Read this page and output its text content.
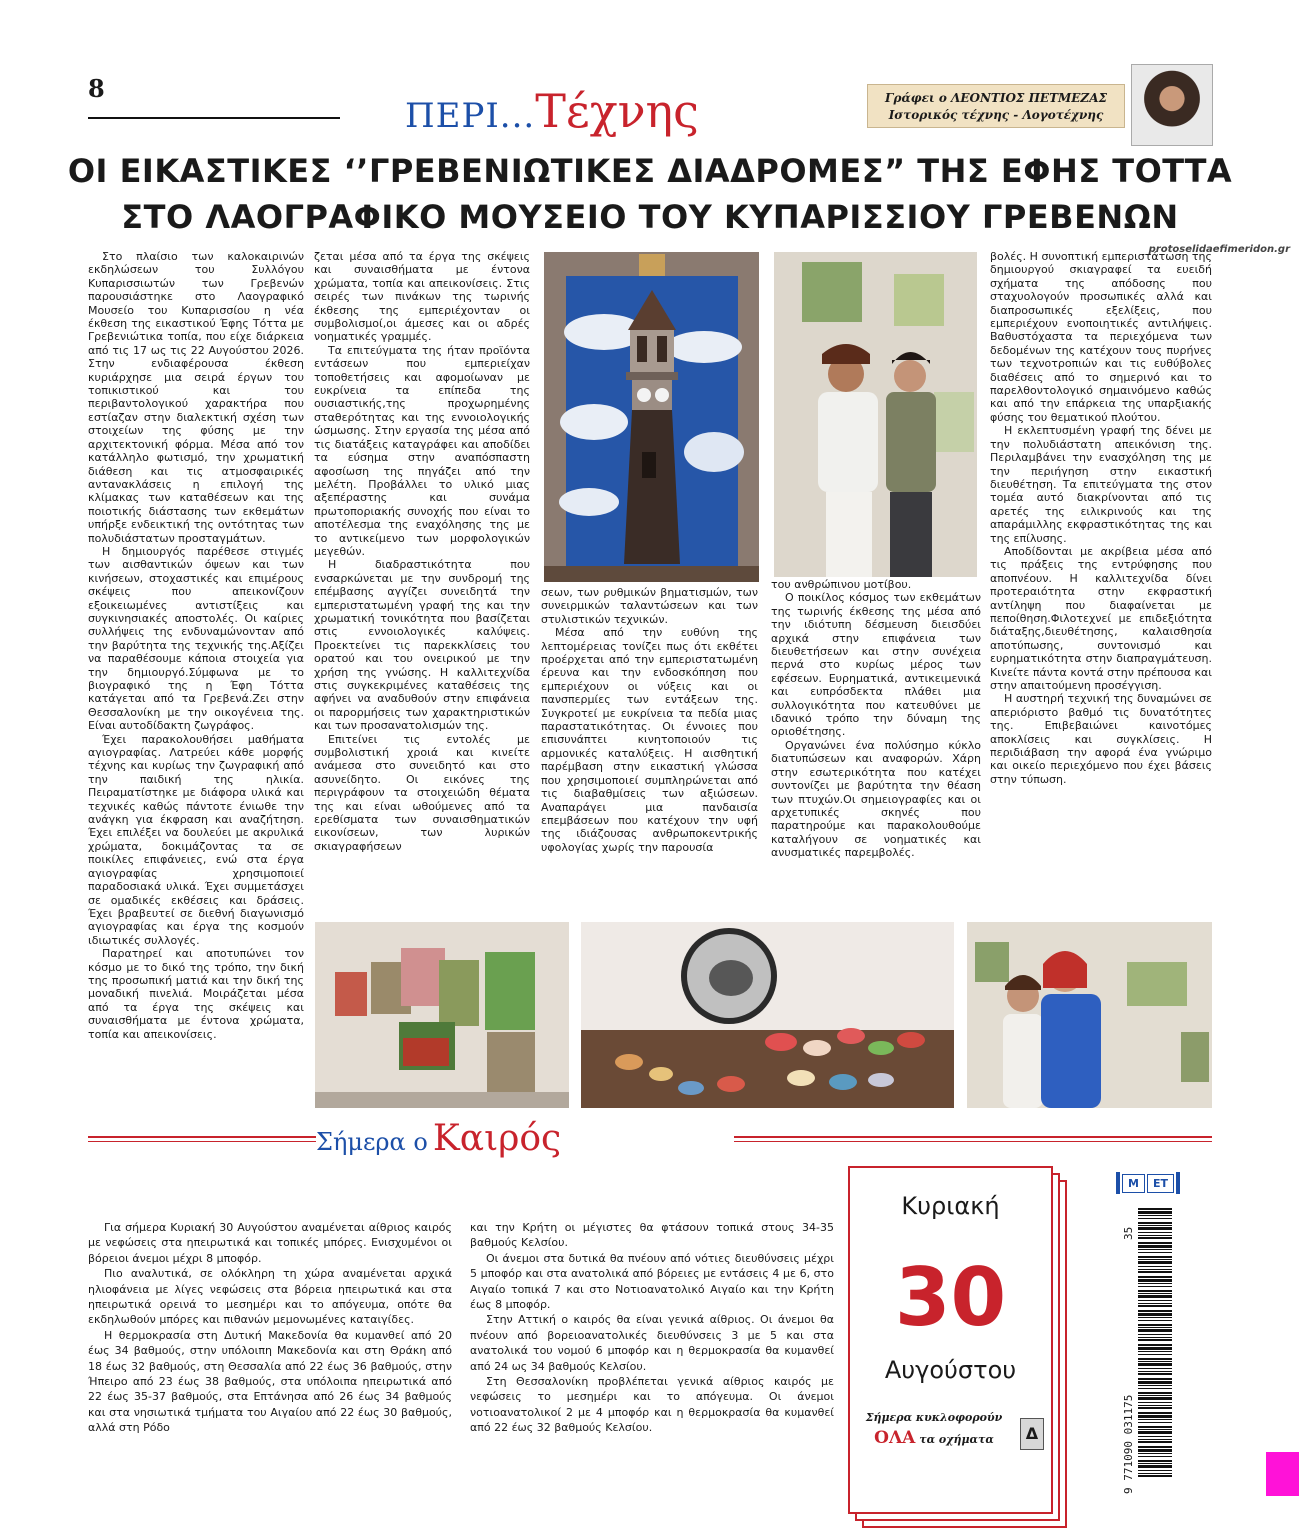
8
ΠΕΡΙ...Τέχνης	Γράφει ο ΛΕΟΝΤΙΟΣ ΠΕΤΜΕΖΑΣ
Ιστορικός τέχνης - Λογοτέχνης
ΟΙ ΕΙΚΑΣΤΙΚΕΣ ‘’ΓΡΕΒΕΝΙΩΤΙΚΕΣ ΔΙΑΔΡΟΜΕΣ” ΤΗΣ ΕΦΗΣ ΤΟΤΤΑ
ΣΤΟ ΛΑΟΓΡΑΦΙΚΟ ΜΟΥΣΕΙΟ ΤΟΥ ΚΥΠΑΡΙΣΣΙΟΥ ΓΡΕΒΕΝΩΝ
protoselidaefimeridon.gr

Στο πλαίσιο των καλοκαιρινών εκδηλώσεων του Συλλόγου Κυπαρισσιωτών των Γρεβενών παρουσιάστηκε στο Λαογραφικό Μουσείο του Κυπαρισσίου η νέα έκθεση της εικαστικού Έφης Τόττα με Γρεβενιώτικα τοπία, που είχε διάρκεια από τις 17 ως τις 22 Αυγούστου 2026. Στην ενδιαφέρουσα έκθεση κυριάρχησε μια σειρά έργων του τοπικιστικού και του περιβαντολογικού χαρακτήρα που εστίαζαν στην διαλεκτική σχέση των στοιχείων της φύσης με την αρχιτεκτονική φόρμα. Μέσα από τον κατάλληλο φωτισμό, την χρωματική διάθεση και τις ατμοσφαιρικές αντανακλάσεις η επιλογή της κλίμακας των καταθέσεων και της ποιοτικής διάστασης των εκθεμάτων υπήρξε ενδεικτική της οντότητας των πολυδιάστατων προσταγμάτων.

Η δημιουργός παρέθεσε στιγμές των αισθαντικών όψεων και των κινήσεων, στοχαστικές και επιμέρους σκέψεις που απεικονίζουν εξοικειωμένες αντιστίξεις και συγκινησιακές αποστολές. Οι καίριες συλλήψεις της ενδυναμώνονταν από την βαρύτητα της τεχνικής της.Αξίζει να παραθέσουμε κάποια στοιχεία για την δημιουργό.Σύμφωνα με το βιογραφικό της η Έφη Τόττα κατάγεται από τα Γρεβενά.Ζει στην Θεσσαλονίκη με την οικογένεια της. Είναι αυτοδίδακτη ζωγράφος.

Έχει παρακολουθήσει μαθήματα αγιογραφίας. Λατρεύει κάθε μορφής τέχνης και κυρίως την ζωγραφική από την παιδική της ηλικία. Πειραματίστηκε με διάφορα υλικά και τεχνικές καθώς πάντοτε ένιωθε την ανάγκη για έκφραση και αναζήτηση. Έχει επιλέξει να δουλεύει με ακρυλικά χρώματα, δοκιμάζοντας τα σε ποικίλες επιφάνειες, ενώ στα έργα αγιογραφίας χρησιμοποιεί παραδοσιακά υλικά. Έχει συμμετάσχει σε ομαδικές εκθέσεις και δράσεις. Έχει βραβευτεί σε διεθνή διαγωνισμό αγιογραφίας και έργα της κοσμούν ιδιωτικές συλλογές.

Παρατηρεί και αποτυπώνει τον κόσμο με το δικό της τρόπο, την δική της προσωπική ματιά και την δική της μοναδική πινελιά. Μοιράζεται μέσα από τα έργα της σκέψεις και συναισθήματα με έντονα χρώματα, τοπία και απεικονίσεις.

ζεται μέσα από τα έργα της σκέψεις και συναισθήματα με έντονα χρώματα, τοπία και απεικονίσεις. Στις σειρές των πινάκων της τωρινής έκθεσης της εμπεριέχονταν οι συμβολισμοί,οι άμεσες και οι αδρές νοηματικές γραμμές.

Τα επιτεύγματα της ήταν προϊόντα εντάσεων που εμπεριείχαν τοποθετήσεις και αφομοίωναν με ευκρίνεια τα επίπεδα της ουσιαστικής,της προχωρημένης σταθερότητας και της εννοιολογικής ώσμωσης. Στην εργασία της μέσα από τις διατάξεις καταγράφει και αποδίδει τα εύσημα στην αναπόσπαστη αφοσίωση της πηγάζει από την μελέτη. Προβάλλει το υλικό μιας αξεπέραστης και συνάμα πρωτοποριακής συνοχής που είναι το αποτέλεσμα της εναχόλησης της με το αντικείμενο των μορφολογικών μεγεθών.

Η διαδραστικότητα που ενσαρκώνεται με την συνδρομή της επέμβασης αγγίζει συνειδητά την εμπεριστατωμένη γραφή της και την χρωματική τονικότητα που βασίζεται στις εννοιολογικές καλύψεις. Προεκτείνει τις παρεκκλίσεις του ορατού και του ονειρικού με την χρήση της γνώσης. Η καλλιτεχνίδα στις συγκεκριμένες καταθέσεις της αφήνει να αναδυθούν στην επιφάνεια οι παρορμήσεις των χαρακτηριστικών και των προσανατολισμών της.

Επιτείνει τις εντολές με συμβολιστική χροιά και κινείτε ανάμεσα στο συνειδητό και στο ασυνείδητο. Οι εικόνες της περιγράφουν τα στοιχειώδη θέματα της και είναι ωθούμενες από τα ερεθίσματα των συναισθηματικών εικονίσεων, των λυρικών σκιαγραφήσεων

σεων, των ρυθμικών βηματισμών, των συνειρμικών ταλαντώσεων και των στυλιστικών τεχνικών.

Μέσα από την ευθύνη της λεπτομέρειας τονίζει πως ότι εκθέτει προέρχεται από την εμπεριστατωμένη έρευνα και την ενδοσκόπηση που εμπεριέχουν οι νύξεις και οι πανσπερμίες των εντάξεων της. Συγκροτεί με ευκρίνεια τα πεδία μιας παραστατικότητας. Οι έννοιες που επισυνάπτει κινητοποιούν τις αρμονικές καταλύξεις. Η αισθητική παρέμβαση στην εικαστική γλώσσα που χρησιμοποιεί συμπληρώνεται από τις διαβαθμίσεις των αξιώσεων. Αναπαράγει μια πανδαισία επεμβάσεων που κατέχουν την υφή της ιδιάζουσας ανθρωποκεντρικής υφολογίας χωρίς την παρουσία

του ανθρώπινου μοτίβου.

Ο ποικίλος κόσμος των εκθεμάτων της τωρινής έκθεσης της μέσα από την ιδιότυπη δέσμευση διεισδύει αρχικά στην επιφάνεια των διευθετήσεων και στην συνέχεια περνά στο κυρίως μέρος των εφέσεων. Ευρηματικά, αντικειμενικά και ευπρόσδεκτα πλάθει μια συλλογικότητα που κατευθύνει με ιδανικό τρόπο την δύναμη της οριοθέτησης.

Οργανώνει ένα πολύσημο κύκλο διατυπώσεων και αναφορών. Χάρη στην εσωτερικότητα που κατέχει συντονίζει με βαρύτητα την θέαση των πτυχών.Οι σημειογραφίες και οι αρχετυπικές σκηνές που παρατηρούμε και παρακολουθούμε καταλήγουν σε νοηματικές και ανυσματικές παρεμβολές.

βολές. Η συνοπτική εμπεριστάτωση της δημιουργού σκιαγραφεί τα ευειδή σχήματα της απόδοσης που σταχυολογούν προσωπικές αλλά και διαπροσωπικές εξελίξεις, που εμπεριέχουν ενοποιητικές αντιλήψεις. Βαθυστόχαστα τα περιεχόμενα των δεδομένων της κατέχουν τους πυρήνες των τεχνοτροπιών και τις ευθύβολες διαθέσεις από το σημερινό και το παρελθοντολογικό σημαινόμενο καθώς και από την επάρκεια της υπαρξιακής φύσης του θεματικού πλούτου.

Η εκλεπτυσμένη γραφή της δένει με την πολυδιάστατη απεικόνιση της. Περιλαμβάνει την ενασχόληση της με την περιήγηση στην εικαστική διευθέτηση. Τα επιτεύγματα της στον τομέα αυτό διακρίνονται από τις αρετές της ειλικρινούς και της απαράμιλλης εκφραστικότητας της και της επίλυσης.

Αποδίδονται με ακρίβεια μέσα από τις πράξεις της εντρύφησης που αποπνέουν. Η καλλιτεχνίδα δίνει προτεραιότητα στην εκφραστική αντίληψη που διαφαίνεται με πεποίθηση.Φιλοτεχνεί με επιδεξιότητα διάταξης,διευθέτησης, καλαισθησία αποτύπωσης, συντονισμό και ευρηματικότητα στην διαπραγμάτευση. Κινείτε πάντα κοντά στην πρέπουσα και στην απαιτούμενη προσέγγιση.

Η αυστηρή τεχνική της δυναμώνει σε απεριόριστο βαθμό τις δυνατότητες της. Επιβεβαιώνει καινοτόμες αποκλίσεις και συγκλίσεις. Η περιδιάβαση την αφορά ένα γνώριμο και οικείο περιεχόμενο που έχει βάσεις στην τύπωση.

Σήμερα ο Καιρός

Για σήμερα Κυριακή 30 Αυγούστου αναμένεται αίθριος καιρός με νεφώσεις στα ηπειρωτικά και τοπικές μπόρες. Ενισχυμένοι οι βόρειοι άνεμοι μέχρι 8 μποφόρ.

Πιο αναλυτικά, σε ολόκληρη τη χώρα αναμένεται αρχικά ηλιοφάνεια με λίγες νεφώσεις στα βόρεια ηπειρωτικά και στα ηπειρωτικά ορεινά το μεσημέρι και το απόγευμα, οπότε θα εκδηλωθούν μπόρες και πιθανών μεμονωμένες καταιγίδες.

Η θερμοκρασία στη Δυτική Μακεδονία θα κυμανθεί από 20 έως 34 βαθμούς, στην υπόλοιπη Μακεδονία και στη Θράκη από 18 έως 32 βαθμούς, στη Θεσσαλία από 22 έως 36 βαθμούς, στην Ήπειρο από 23 έως 38 βαθμούς, στα υπόλοιπα ηπειρωτικά από 22 έως 35-37 βαθμούς, στα Επτάνησα από 26 έως 34 βαθμούς και στα νησιωτικά τμήματα του Αιγαίου από 22 έως 30 βαθμούς, αλλά στη Ρόδο

και την Κρήτη οι μέγιστες θα φτάσουν τοπικά στους 34-35 βαθμούς Κελσίου.

Οι άνεμοι στα δυτικά θα πνέουν από νότιες διευθύνσεις μέχρι 5 μποφόρ και στα ανατολικά από βόρειες με εντάσεις 4 με 6, στο Αιγαίο τοπικά 7 και στο Νοτιοανατολικό Αιγαίο και την Κρήτη έως 8 μποφόρ.

Στην Αττική ο καιρός θα είναι γενικά αίθριος. Οι άνεμοι θα πνέουν από βορειοανατολικές διευθύνσεις 3 με 5 και στα ανατολικά του νομού 6 μποφόρ και η θερμοκρασία θα κυμανθεί από 24 ως 34 βαθμούς Κελσίου.

Στη Θεσσαλονίκη προβλέπεται γενικά αίθριος καιρός με νεφώσεις το μεσημέρι και το απόγευμα. Οι άνεμοι νοτιοανατολικοί 2 με 4 μποφόρ και η θερμοκρασία θα κυμανθεί από 22 έως 32 βαθμούς Κελσίου.

Κυριακή
30
Αυγούστου
Σήμερα κυκλοφορούν
ΟΛΑ τα οχήματα	Δ
Μ	ΕΤ
35
9 771090 031175
